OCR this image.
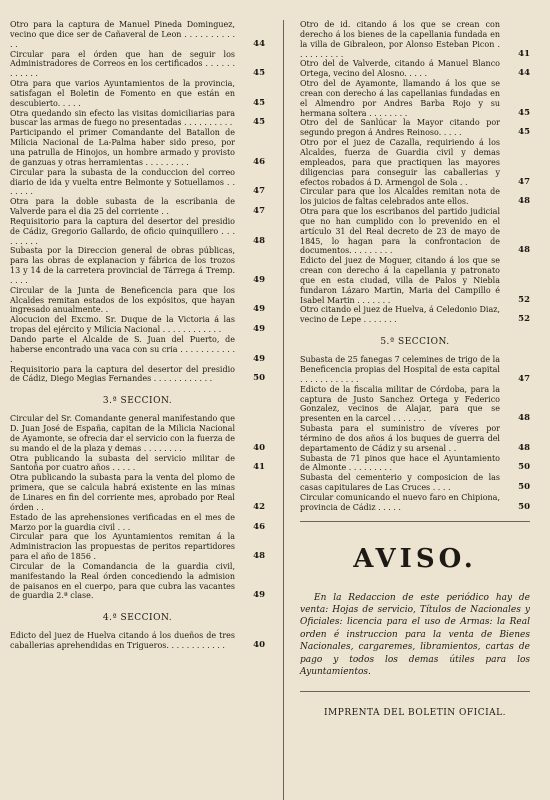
Otro para la captura de Manuel Pineda Dominguez, vecino que dice ser de Cañaveral de Leon . . . . . . . . . . . .	44

Circular para el órden que han de seguir los Administradores de Correos en los certificados . . . . . . . . . . . .	45

Otra para que varios Ayuntamientos de la provincia, satisfagan el Boletin de Fomento en que están en descubierto. . . . .	45

Otra quedando sin efecto las visitas domiciliarias para buscar las armas de fuego no presentadas . . . . . . . . . .	45

Participando el primer Comandante del Batallon de Milicia Nacional de La-Palma haber sido preso, por una patrulla de Hinojos, un hombre armado y provisto de ganzuas y otras herramientas . . . . . . . . .	46

Circular para la subasta de la conduccion del correo diario de ida y vuelta entre Belmonte y Sotuellamos . . . . . . .	47

Otra para la doble subasta de la escribania de Valverde para el dia 25 del corriente . .	47

Requisitorio para la captura del desertor del presidio de Cádiz, Gregorio Gallardo, de oficio quinquillero . . . . . . . . .	48

Subasta por la Direccion general de obras públicas, para las obras de explanacion y fábrica de los trozos 13 y 14 de la carretera provincial de Tárrega á Tremp. . . . .	49

Circular de la Junta de Beneficencia para que los Alcaldes remitan estados de los expósitos, que hayan ingresado anualmente. .	49

Alocucion del Excmo. Sr. Duque de la Victoria á las tropas del ejército y Milicia Nacional . . . . . . . . . . . .	49

Dando parte el Alcalde de S. Juan del Puerto, de haberse encontrado una vaca con su cria . . . . . . . . . . . .	49

Requisitorio para la captura del desertor del presidio de Cádiz, Diego Megias Fernandes . . . . . . . . . . . .	50

3.ª SECCION.

Circular del Sr. Comandante general manifestando que D. Juan José de España, capitan de la Milicia Nacional de Ayamonte, se ofrecia dar el servicio con la fuerza de su mando el de la plaza y demas . . . . . . . .	40

Otra publicando la subasta del servicio militar de Santoña por cuatro años . . . . .	41

Otra publicando la subasta para la venta del plomo de primera, que se calcula habrá existente en las minas de Linares en fin del corriente mes, aprobado por Real órden . .	42

Estado de las aprehensiones verificadas en el mes de Marzo por la guardia civil . . .	46

Circular para que los Ayuntamientos remitan á la Administracion las propuestas de peritos repartidores para el año de 1856 .	48

Circular de la Comandancia de la guardia civil, manifestando la Real órden concediendo la admision de paisanos en el cuerpo, para que cubra las vacantes de guardia 2.ª clase.	49

4.ª SECCION.

Edicto del juez de Huelva citando á los dueños de tres caballerias aprehendidas en Trigueros. . . . . . . . . . . .	40

Otro de id. citando á los que se crean con derecho á los bienes de la capellania fundada en la villa de Gibraleon, por Alonso Esteban Picon . . . . . . . . . .	41

Otro del de Valverde, citando á Manuel Blanco Ortega, vecino del Alosno. . . . .	44

Otro del de Ayamonte, llamando á los que se crean con derecho á las capellanias fundadas en el Almendro por Andres Barba Rojo y su hermana soltera . . . . . . . .	45

Otro del de Sanlúcar la Mayor citando por segundo pregon á Andres Reinoso. . . . .	45

Otro por el juez de Cazalla, requiriendo á los Alcaldes, fuerza de Guardia civil y demas empleados, para que practiquen las mayores diligencias para conseguir las caballerias y efectos robados á D. Armengol de Sola . .	47

Circular para que los Alcaldes remitan nota de los juicios de faltas celebrados ante ellos.	48

Otra para que los escribanos del partido judicial que no han cumplido con lo prevenido en el artículo 31 del Real decreto de 23 de mayo de 1845, lo hagan para la confrontacion de documentos. . . . . . . . .	48

Edicto del juez de Moguer, citando á los que se crean con derecho á la capellania y patronato que en esta ciudad, villa de Palos y Niebla fundaron Lázaro Martin, Maria del Campillo é Isabel Martin . . . . . . .	52

Otro citando el juez de Huelva, á Celedonio Diaz, vecino de Lepe . . . . . . .	52

5.ª SECCION.

Subasta de 25 fanegas 7 celemines de trigo de la Beneficencia propias del Hospital de esta capital . . . . . . . . . . . .	47

Edicto de la fiscalia militar de Córdoba, para la captura de Justo Sanchez Ortega y Federico Gonzalez, vecinos de Alajar, para que se presenten en la carcel . . . . . . .	48

Subasta para el suministro de víveres por término de dos años á los buques de guerra del departamento de Cádiz y su arsenal . .	48

Subasta de 71 pinos que hace el Ayuntamiento de Almonte . . . . . . . . .	50

Subasta del cementerio y composicion de las casas capitulares de Las Cruces . . . .	50

Circular comunicando el nuevo faro en Chipiona, provincia de Cádiz . . . . .	50

AVISO.

En la Redaccion de este periódico hay de venta: Hojas de servicio, Títulos de Nacionales y Oficiales: licencia para el uso de Armas: la Real orden é instruccion para la venta de Bienes Nacionales, cargaremes, libramientos, cartas de pago y todos los demas útiles para los Ayuntamientos.

IMPRENTA DEL BOLETIN OFICIAL.
